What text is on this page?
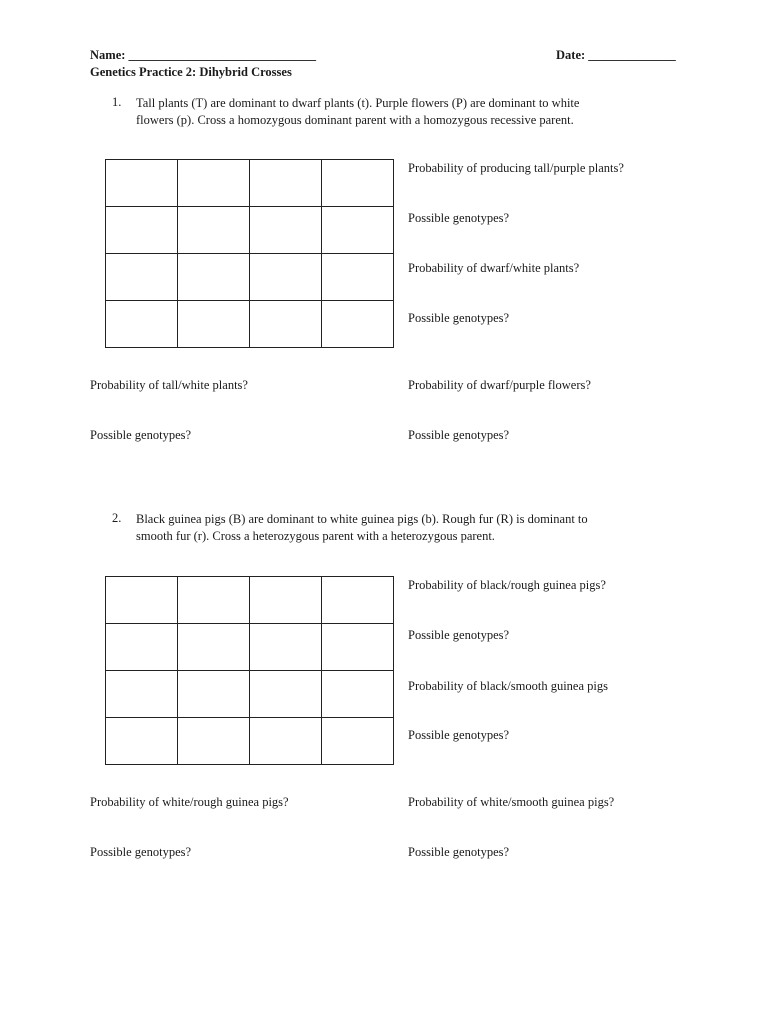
Name: ______________________________	Date: ______________
Genetics Practice 2: Dihybrid Crosses
1. Tall plants (T) are dominant to dwarf plants (t). Purple flowers (P) are dominant to white
flowers (p). Cross a homozygous dominant parent with a homozygous recessive parent.

Probability of producing tall/purple plants?
Possible genotypes?
Probability of dwarf/white plants?
Possible genotypes?
Probability of tall/white plants?
Possible genotypes?
Probability of dwarf/purple flowers?
Possible genotypes?
2. Black guinea pigs (B) are dominant to white guinea pigs (b). Rough fur (R) is dominant to
smooth fur (r). Cross a heterozygous parent with a heterozygous parent.

Probability of black/rough guinea pigs?
Possible genotypes?
Probability of black/smooth guinea pigs
Possible genotypes?
Probability of white/rough guinea pigs?
Possible genotypes?
Probability of white/smooth guinea pigs?
Possible genotypes?
